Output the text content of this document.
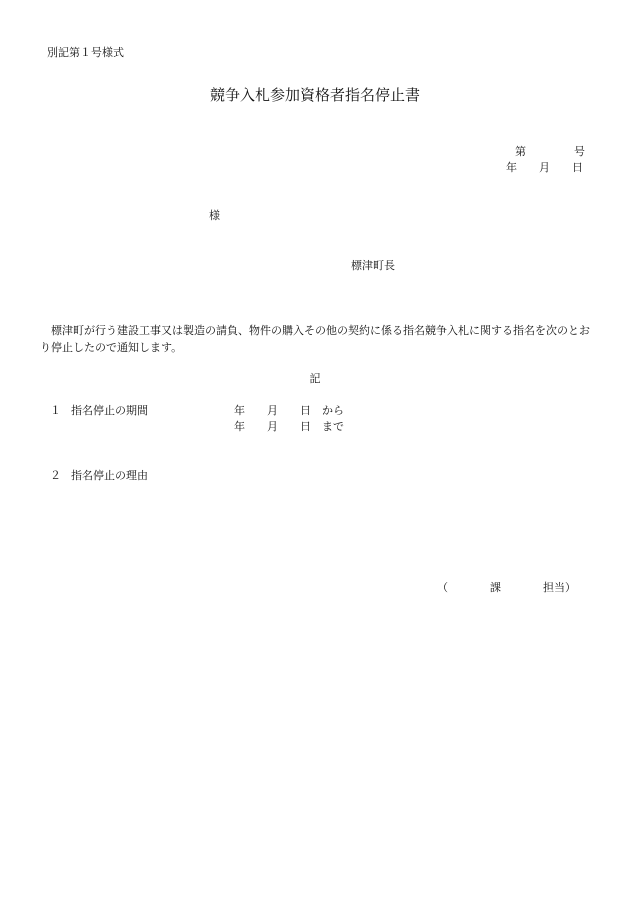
別記第１号様式
競争入札参加資格者指名停止書
第	号
年 月 日
様
標津町長
　標津町が行う建設工事又は製造の請負、物件の購入その他の契約に係る指名競争入札に関する指名を次のとおり停止したので通知します。
記
１ 指名停止の期間	年 月 日　 から
年 月 日　 まで
２ 指名停止の理由
（	課	担当）
